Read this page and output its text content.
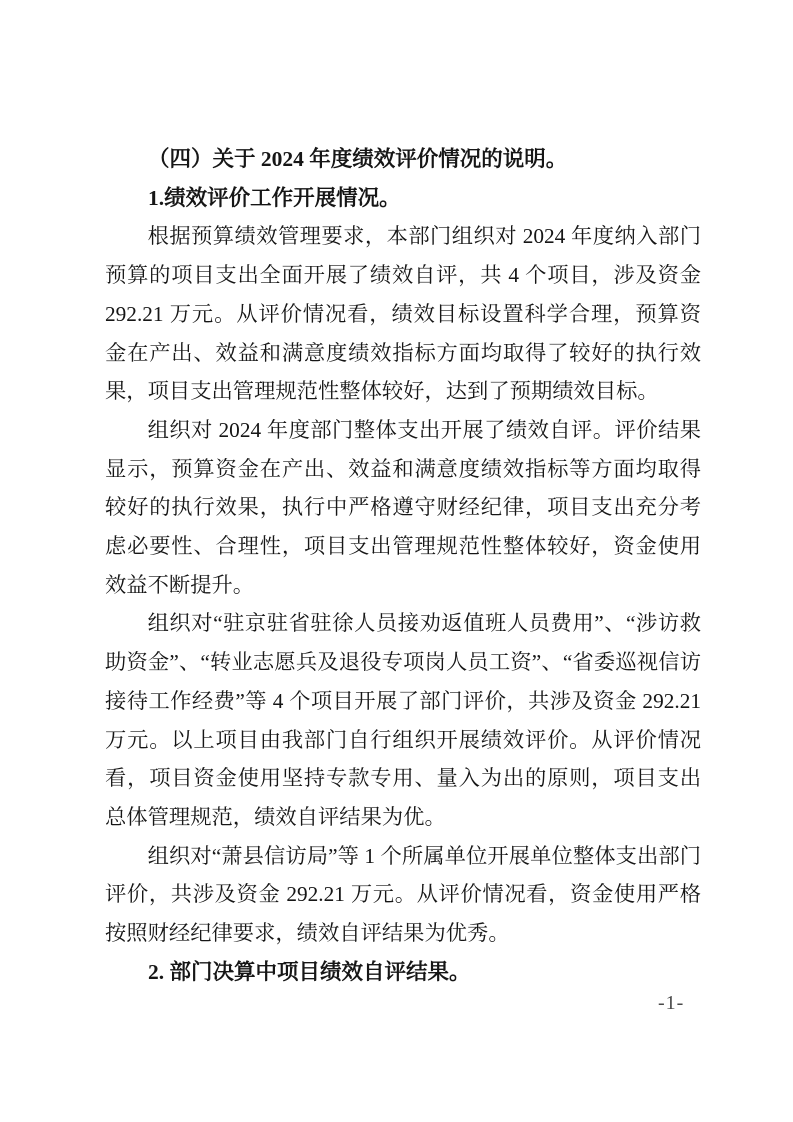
（四）关于 2024 年度绩效评价情况的说明。
1.绩效评价工作开展情况。

根据预算绩效管理要求，本部门组织对 2024 年度纳入部门预算的项目支出全面开展了绩效自评，共 4 个项目，涉及资金 292.21 万元。从评价情况看，绩效目标设置科学合理，预算资金在产出、效益和满意度绩效指标方面均取得了较好的执行效果，项目支出管理规范性整体较好，达到了预期绩效目标。

组织对 2024 年度部门整体支出开展了绩效自评。评价结果显示，预算资金在产出、效益和满意度绩效指标等方面均取得较好的执行效果，执行中严格遵守财经纪律，项目支出充分考虑必要性、合理性，项目支出管理规范性整体较好，资金使用效益不断提升。

组织对“驻京驻省驻徐人员接劝返值班人员费用”、“涉访救助资金”、“转业志愿兵及退役专项岗人员工资”、“省委巡视信访接待工作经费”等 4 个项目开展了部门评价，共涉及资金 292.21 万元。以上项目由我部门自行组织开展绩效评价。从评价情况看，项目资金使用坚持专款专用、量入为出的原则，项目支出总体管理规范，绩效自评结果为优。

组织对“萧县信访局”等 1 个所属单位开展单位整体支出部门评价，共涉及资金 292.21 万元。从评价情况看，资金使用严格按照财经纪律要求，绩效自评结果为优秀。

2. 部门决算中项目绩效自评结果。
-1-
